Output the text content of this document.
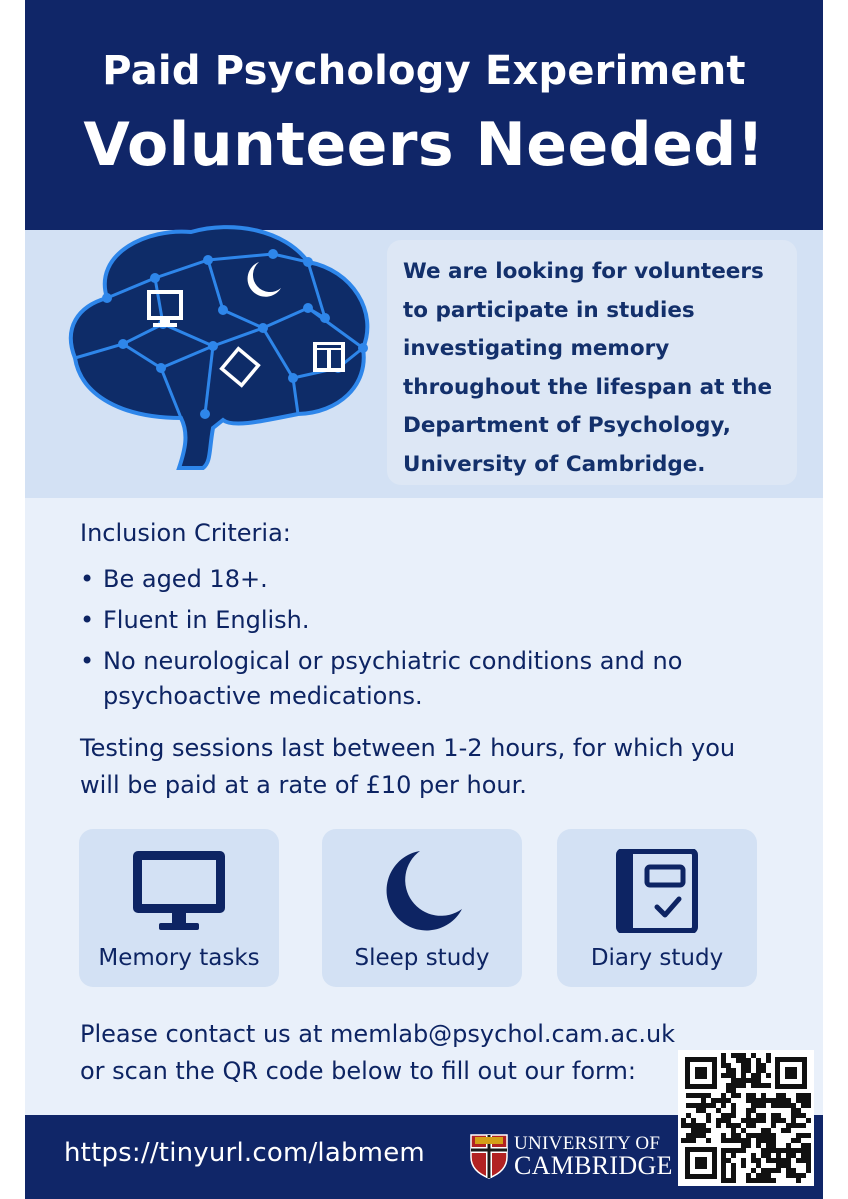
Paid Psychology Experiment
Volunteers Needed!
We are looking for volunteers
to participate in studies
investigating memory
throughout the lifespan at the
Department of Psychology,
University of Cambridge.
Inclusion Criteria:
• Be aged 18+.
• Fluent in English.
• No neurological or psychiatric conditions and no psychoactive medications.
Testing sessions last between 1-2 hours, for which you
will be paid at a rate of £10 per hour.
Memory tasks	Sleep study	Diary study
Please contact us at memlab@psychol.cam.ac.uk
or scan the QR code below to fill out our form:
https://tinyurl.com/labmem	UNIVERSITY OF
CAMBRIDGE
